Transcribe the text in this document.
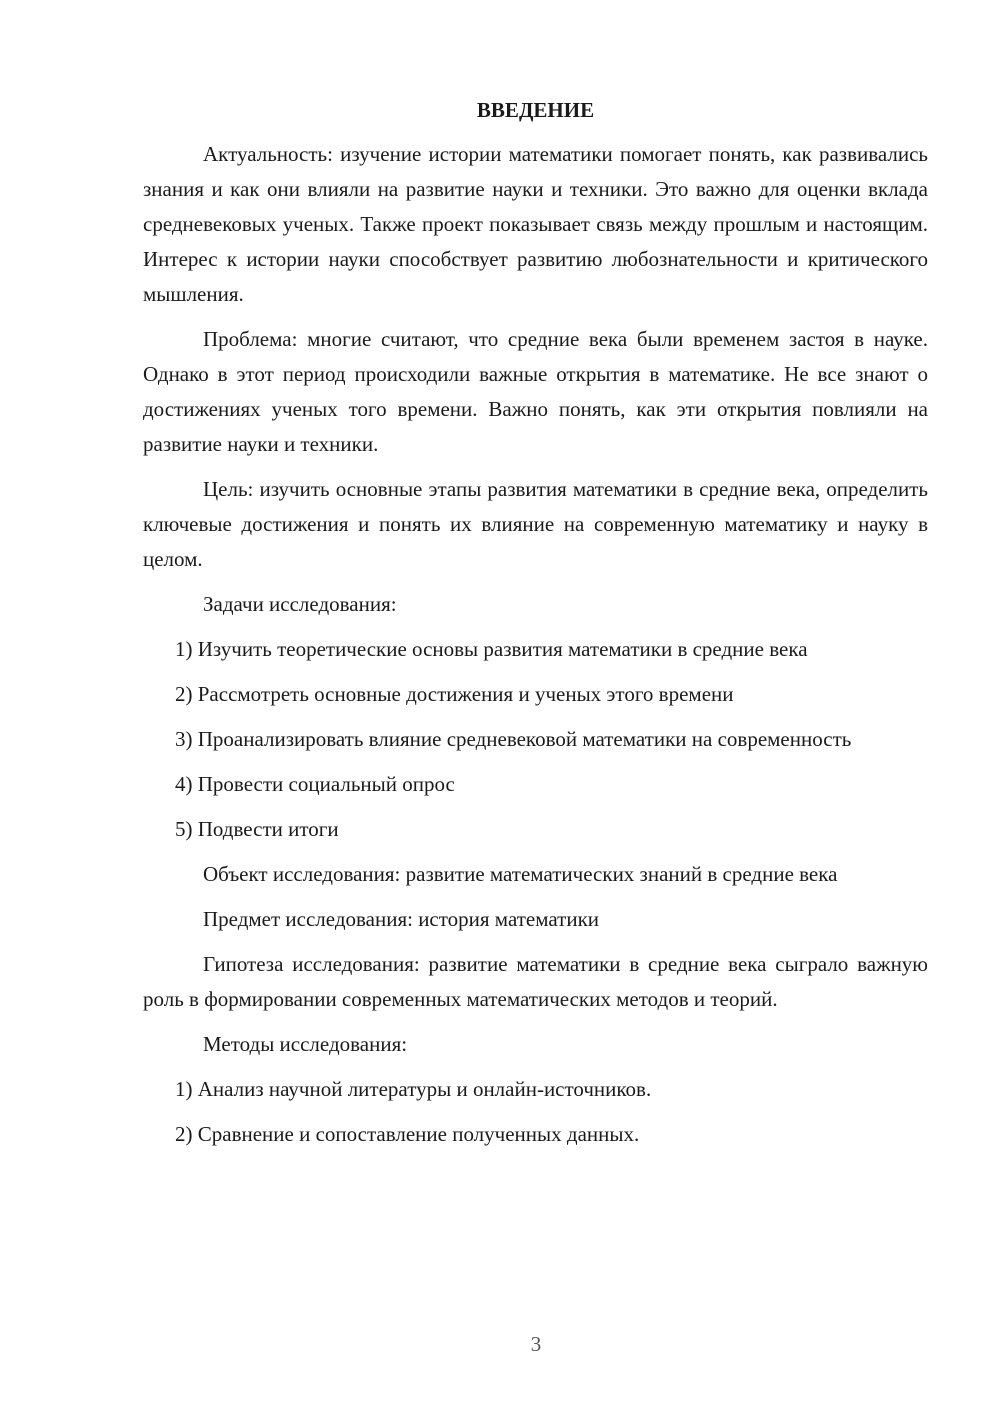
ВВЕДЕНИЕ

Актуальность: изучение истории математики помогает понять, как развивались знания и как они влияли на развитие науки и техники. Это важно для оценки вклада средневековых ученых. Также проект показывает связь между прошлым и настоящим. Интерес к истории науки способствует развитию любознательности и критического мышления.

Проблема: многие считают, что средние века были временем застоя в науке. Однако в этот период происходили важные открытия в математике. Не все знают о достижениях ученых того времени. Важно понять, как эти открытия повлияли на развитие науки и техники.

Цель: изучить основные этапы развития математики в средние века, определить ключевые достижения и понять их влияние на современную математику и науку в целом.

Задачи исследования:

1) Изучить теоретические основы развития математики в средние века

2) Рассмотреть основные достижения и ученых этого времени

3) Проанализировать влияние средневековой математики на современность

4) Провести социальный опрос

5) Подвести итоги

Объект исследования: развитие математических знаний в средние века

Предмет исследования: история математики

Гипотеза исследования: развитие математики в средние века сыграло важную роль в формировании современных математических методов и теорий.

Методы исследования:

1) Анализ научной литературы и онлайн-источников.

2) Сравнение и сопоставление полученных данных.

3
